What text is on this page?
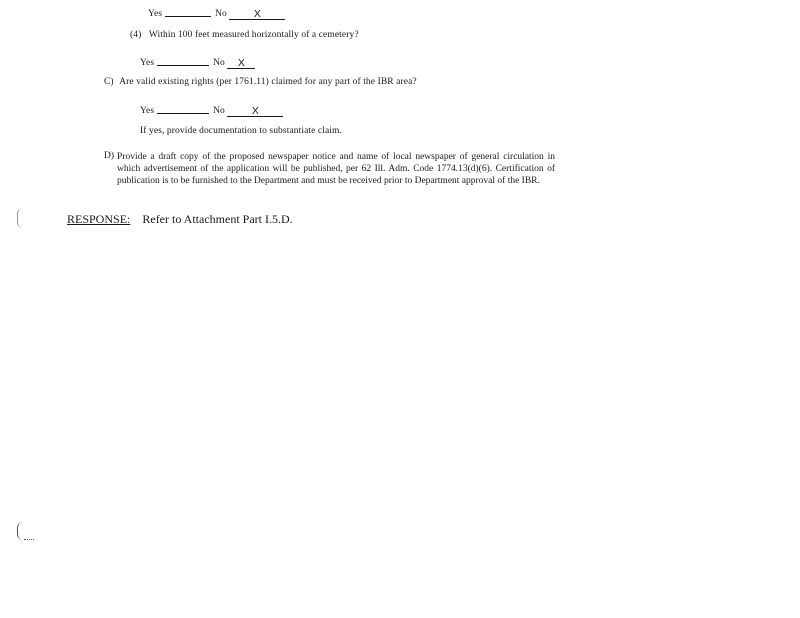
Yes	No	X
(4) Within 100 feet measured horizontally of a cemetery?
Yes	No X
C) Are valid existing rights (per 1761.11) claimed for any part of the IBR area?
Yes	No	X
If yes, provide documentation to substantiate claim.
D) Provide a draft copy of the proposed newspaper notice and name of local newspaper of general circulation in which advertisement of the application will be published, per 62 Ill. Adm. Code 1774.13(d)(6). Certification of publication is to be furnished to the Department and must be received prior to Department approval of the IBR.
RESPONSE: Refer to Attachment Part I.5.D.
